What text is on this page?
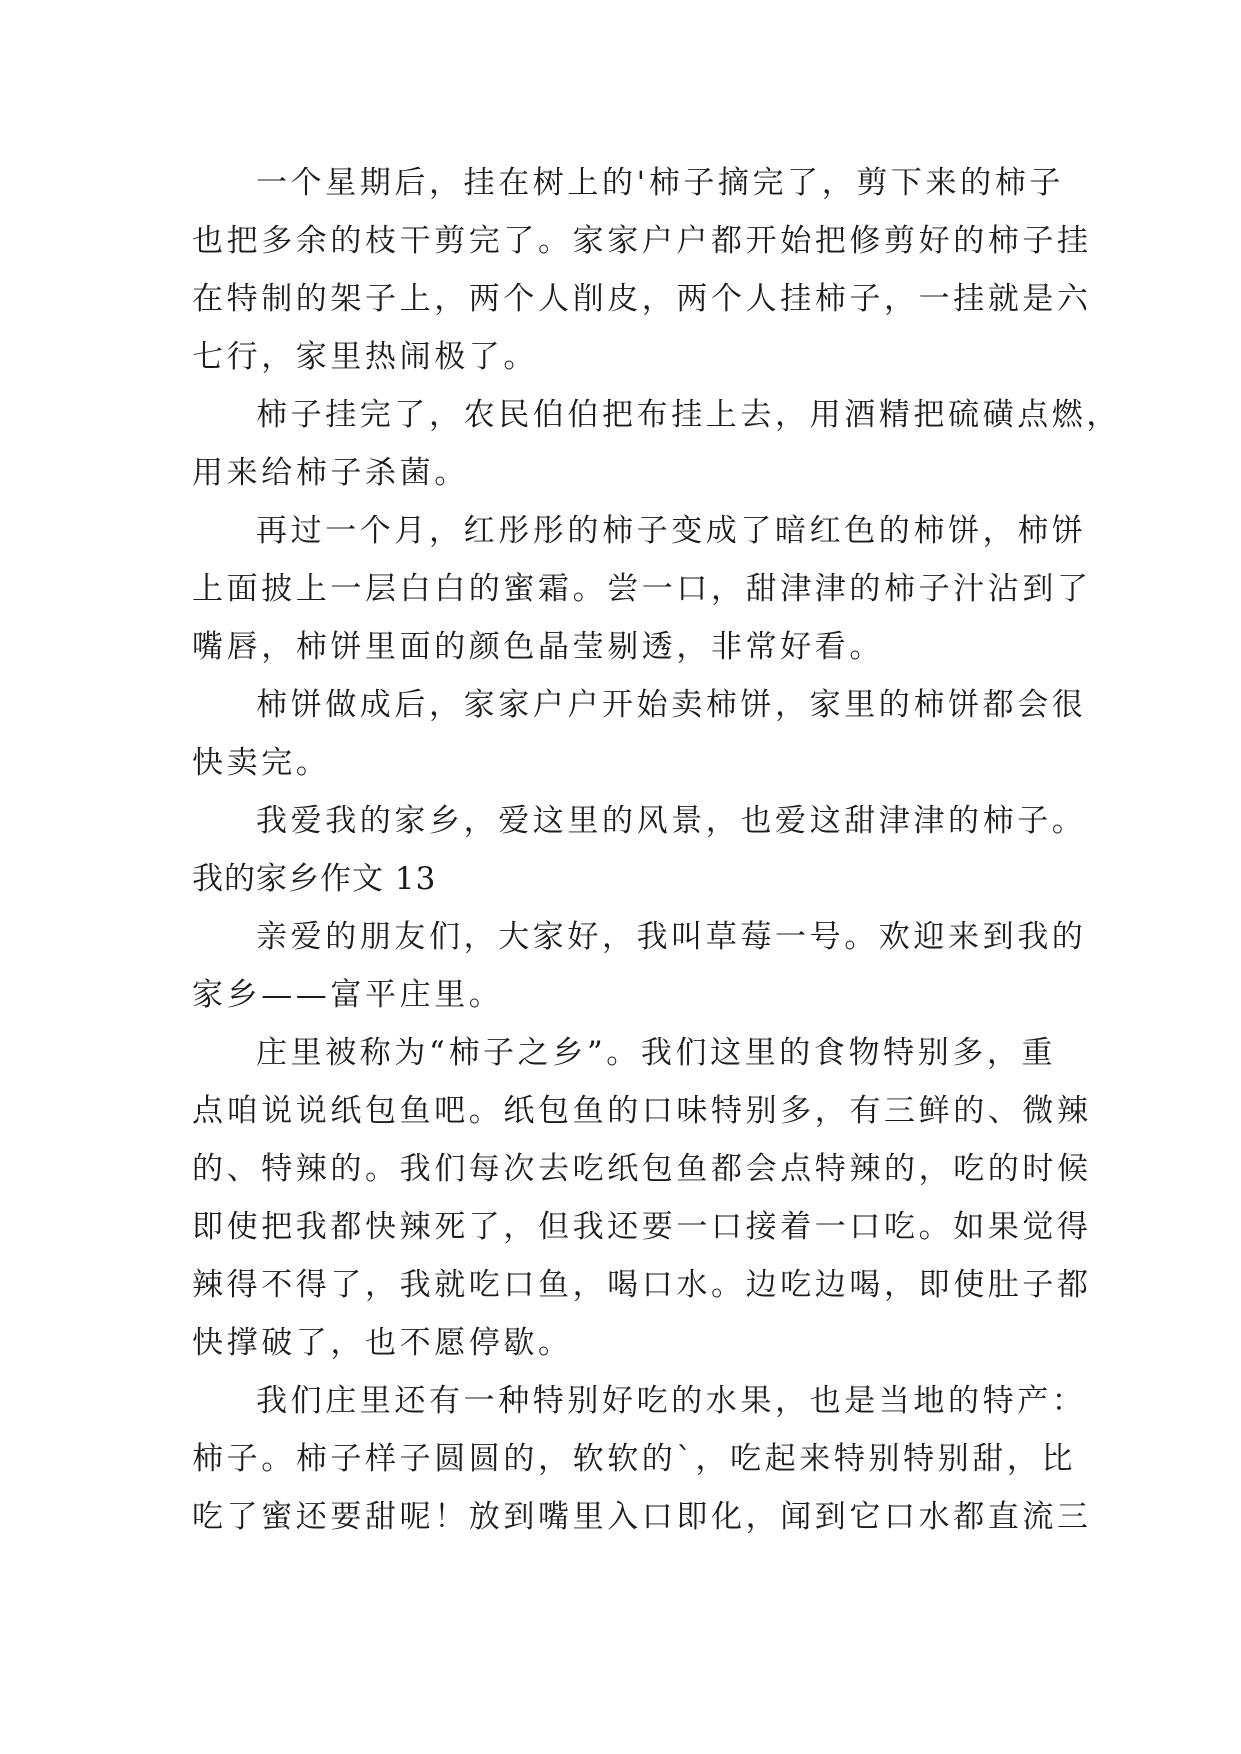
一个星期后，挂在树上的'柿子摘完了，剪下来的柿子
也把多余的枝干剪完了。家家户户都开始把修剪好的柿子挂
在特制的架子上，两个人削皮，两个人挂柿子，一挂就是六
七行，家里热闹极了。
柿子挂完了，农民伯伯把布挂上去，用酒精把硫磺点燃，
用来给柿子杀菌。
再过一个月，红彤彤的柿子变成了暗红色的柿饼，柿饼
上面披上一层白白的蜜霜。尝一口，甜津津的柿子汁沾到了
嘴唇，柿饼里面的颜色晶莹剔透，非常好看。
柿饼做成后，家家户户开始卖柿饼，家里的柿饼都会很
快卖完。
我爱我的家乡，爱这里的风景，也爱这甜津津的柿子。
我的家乡作文 13
亲爱的朋友们，大家好，我叫草莓一号。欢迎来到我的
家乡——富平庄里。
庄里被称为“柿子之乡”。我们这里的食物特别多，重
点咱说说纸包鱼吧。纸包鱼的口味特别多，有三鲜的、微辣
的、特辣的。我们每次去吃纸包鱼都会点特辣的，吃的时候
即使把我都快辣死了，但我还要一口接着一口吃。如果觉得
辣得不得了，我就吃口鱼，喝口水。边吃边喝，即使肚子都
快撑破了，也不愿停歇。
我们庄里还有一种特别好吃的水果，也是当地的特产：
柿子。柿子样子圆圆的，软软的`，吃起来特别特别甜，比
吃了蜜还要甜呢！放到嘴里入口即化，闻到它口水都直流三
